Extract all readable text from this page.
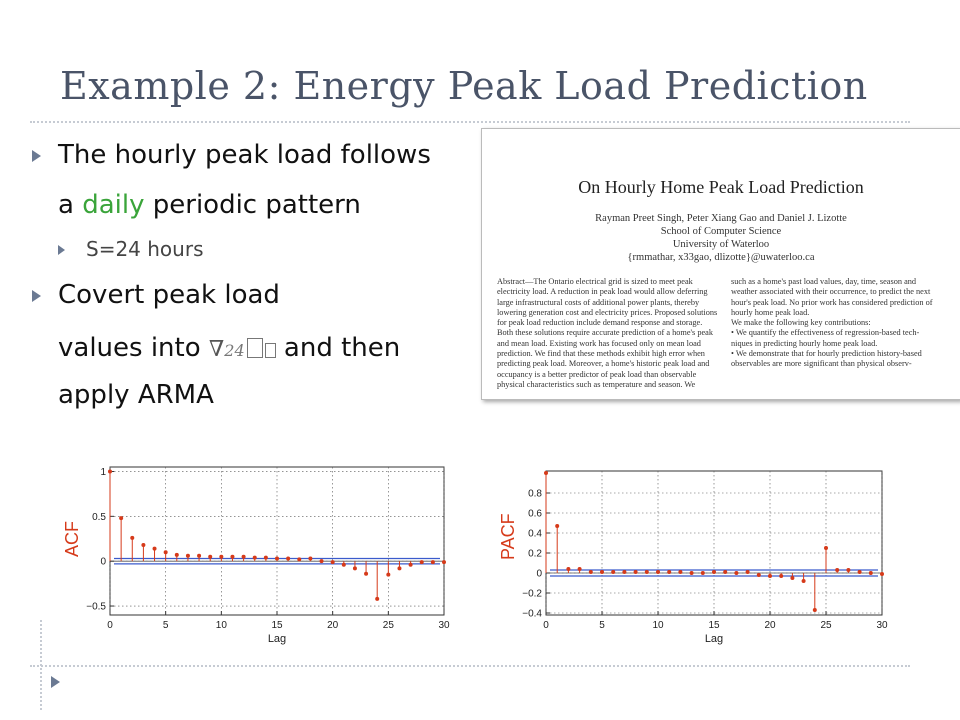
Example 2: Energy Peak Load Prediction
The hourly peak load follows
a daily periodic pattern
S=24 hours
Covert peak load
values into ∇24 and then
apply ARMA
On Hourly Home Peak Load Prediction
Rayman Preet Singh, Peter Xiang Gao and Daniel J. Lizotte
School of Computer Science
University of Waterloo
{rmmathar, x33gao, dlizotte}@uwaterloo.ca
Abstract—The Ontario electrical grid is sized to meet peak
electricity load. A reduction in peak load would allow deferring
large infrastructural costs of additional power plants, thereby
lowering generation cost and electricity prices. Proposed solutions
for peak load reduction include demand response and storage.
Both these solutions require accurate prediction of a home's peak
and mean load. Existing work has focused only on mean load
prediction. We find that these methods exhibit high error when
predicting peak load. Moreover, a home's historic peak load and
occupancy is a better predictor of peak load than observable
physical characteristics such as temperature and season. We
such as a home's past load values, day, time, season and
weather associated with their occurrence, to predict the next
hour's peak load. No prior work has considered prediction of
hourly home peak load.
We make the following key contributions:
• We quantify the effectiveness of regression-based tech-
niques in predicting hourly home peak load.
• We demonstrate that for hourly prediction history-based
observables are more significant than physical observ-
0	5	10	15	20	25	30
−0.5
0
0.5
1
Lag
ACF
0	5	10	15	20	25	30
−0.4
−0.2
0
0.2
0.4
0.6
0.8
Lag
PACF
